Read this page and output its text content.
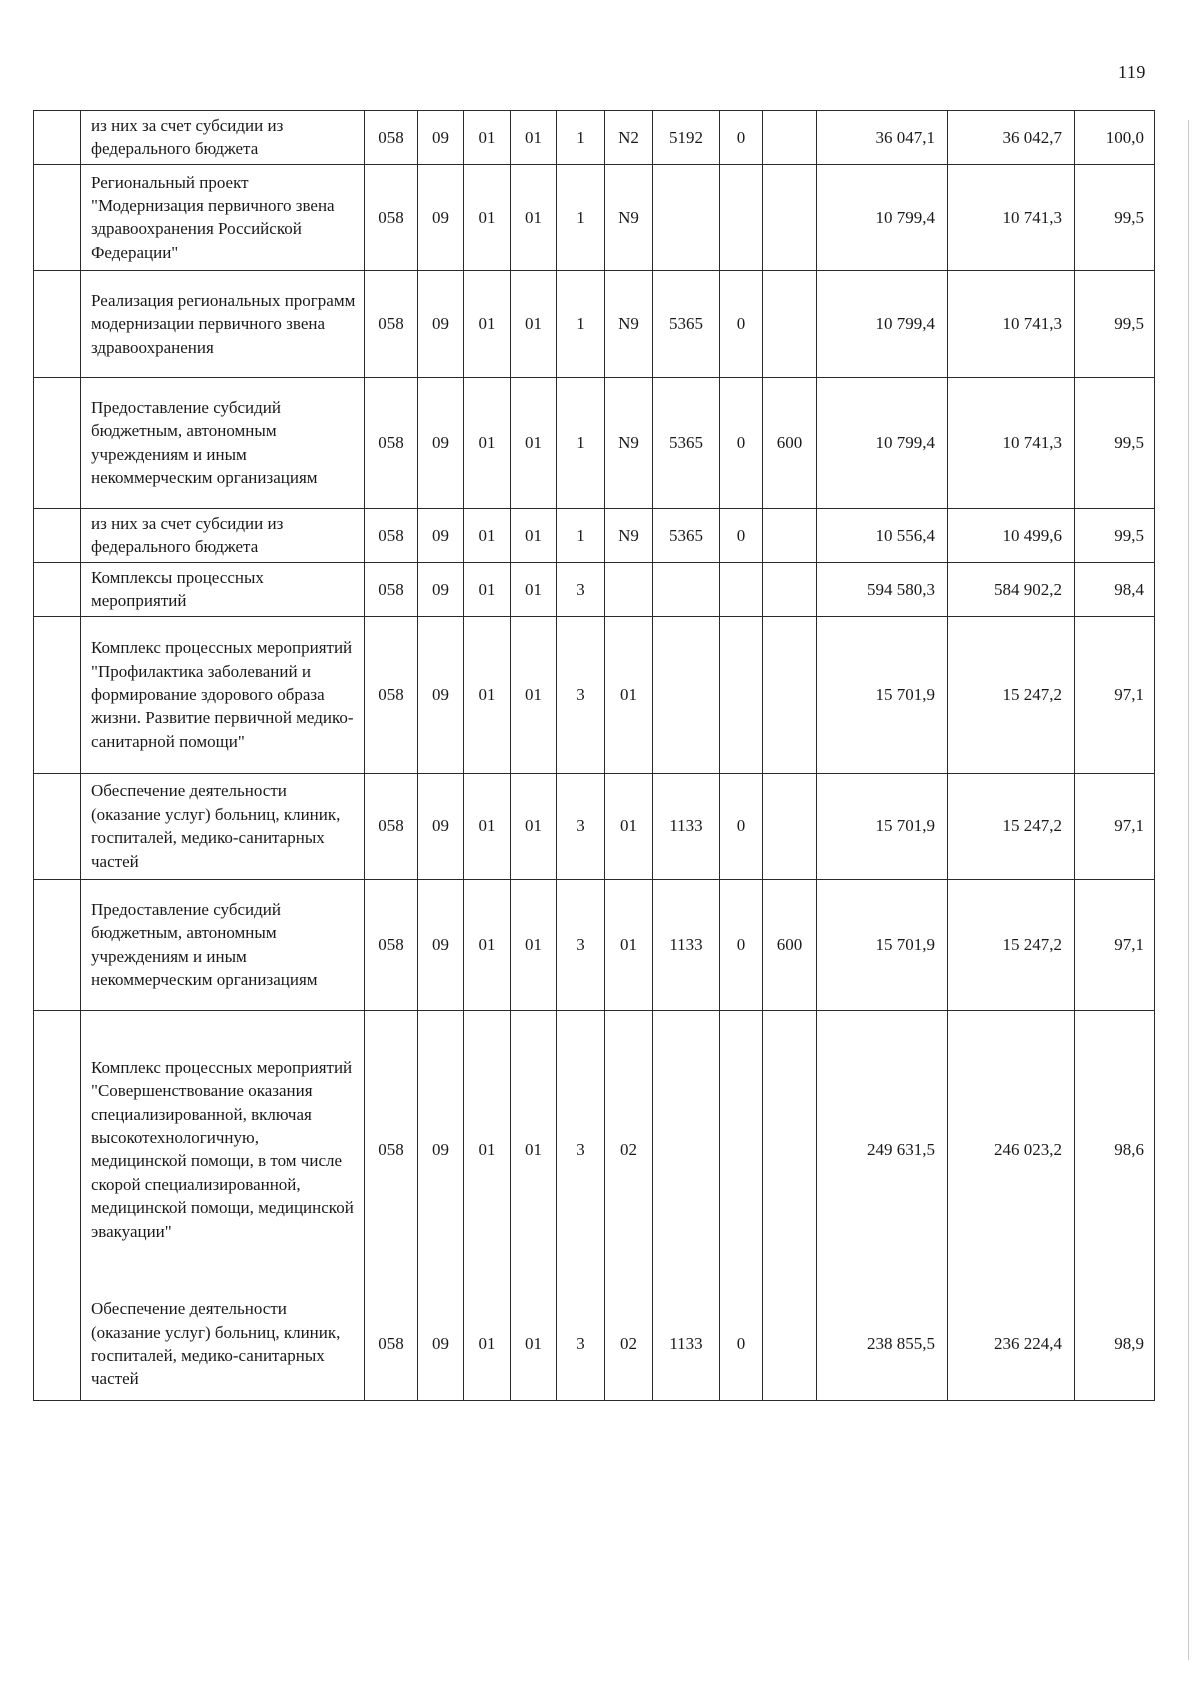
119
	из них за счет субсидии из федерального бюджета	058	09	01	01	1	N2	5192	0		36 047,1	36 042,7	100,0
	Региональный проект "Модернизация первичного звена здравоохранения Российской Федерации"	058	09	01	01	1	N9				10 799,4	10 741,3	99,5
	Реализация региональных программ модернизации первичного звена здравоохранения	058	09	01	01	1	N9	5365	0		10 799,4	10 741,3	99,5
	Предоставление субсидий бюджетным, автономным учреждениям и иным некоммерческим организациям	058	09	01	01	1	N9	5365	0	600	10 799,4	10 741,3	99,5
	из них за счет субсидии из федерального бюджета	058	09	01	01	1	N9	5365	0		10 556,4	10 499,6	99,5
	Комплексы процессных мероприятий	058	09	01	01	3					594 580,3	584 902,2	98,4
	Комплекс процессных мероприятий "Профилактика заболеваний и формирование здорового образа жизни. Развитие первичной медико-санитарной помощи"	058	09	01	01	3	01				15 701,9	15 247,2	97,1
	Обеспечение деятельности (оказание услуг) больниц, клиник, госпиталей, медико-санитарных частей	058	09	01	01	3	01	1133	0		15 701,9	15 247,2	97,1
	Предоставление субсидий бюджетным, автономным учреждениям и иным некоммерческим организациям	058	09	01	01	3	01	1133	0	600	15 701,9	15 247,2	97,1
	Комплекс процессных мероприятий "Совершенствование оказания специализированной, включая высокотехнологичную, медицинской помощи, в том числе скорой специализированной, медицинской помощи, медицинской эвакуации"	058	09	01	01	3	02				249 631,5	246 023,2	98,6
	Обеспечение деятельности (оказание услуг) больниц, клиник, госпиталей, медико-санитарных частей	058	09	01	01	3	02	1133	0		238 855,5	236 224,4	98,9
